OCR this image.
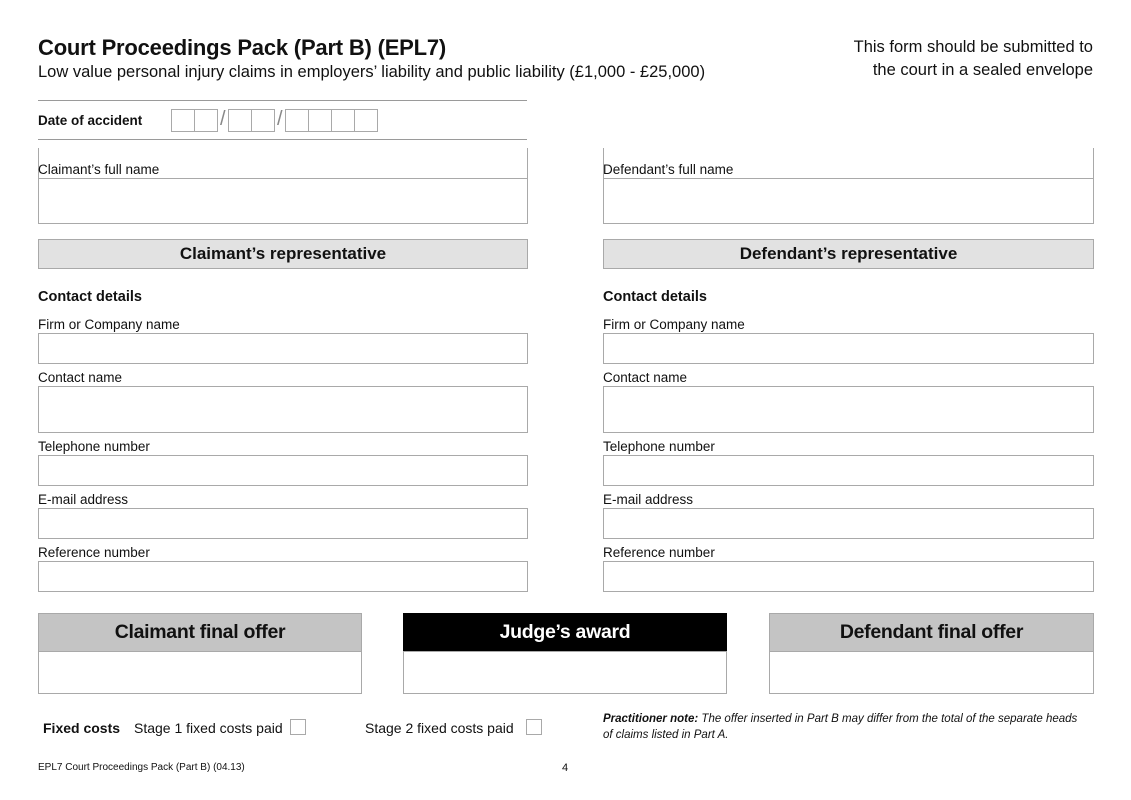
Court Proceedings Pack (Part B) (EPL7)
Low value personal injury claims in employers’ liability and public liability (£1,000 - £25,000)
This form should be submitted to
the court in a sealed envelope
Date of accident	/	/
Claimant’s full name	Defendant’s full name
Claimant’s representative	Defendant’s representative
Contact details
Firm or Company name
Contact name
Telephone number
E-mail address
Reference number
Contact details
Firm or Company name
Contact name
Telephone number
E-mail address
Reference number
Claimant final offer	Judge’s award	Defendant final offer
Fixed costs Stage 1 fixed costs paid	Stage 2 fixed costs paid
Practitioner note: The offer inserted in Part B may differ from the total of the separate heads of claims listed in Part A.
EPL7 Court Proceedings Pack (Part B) (04.13)	4
